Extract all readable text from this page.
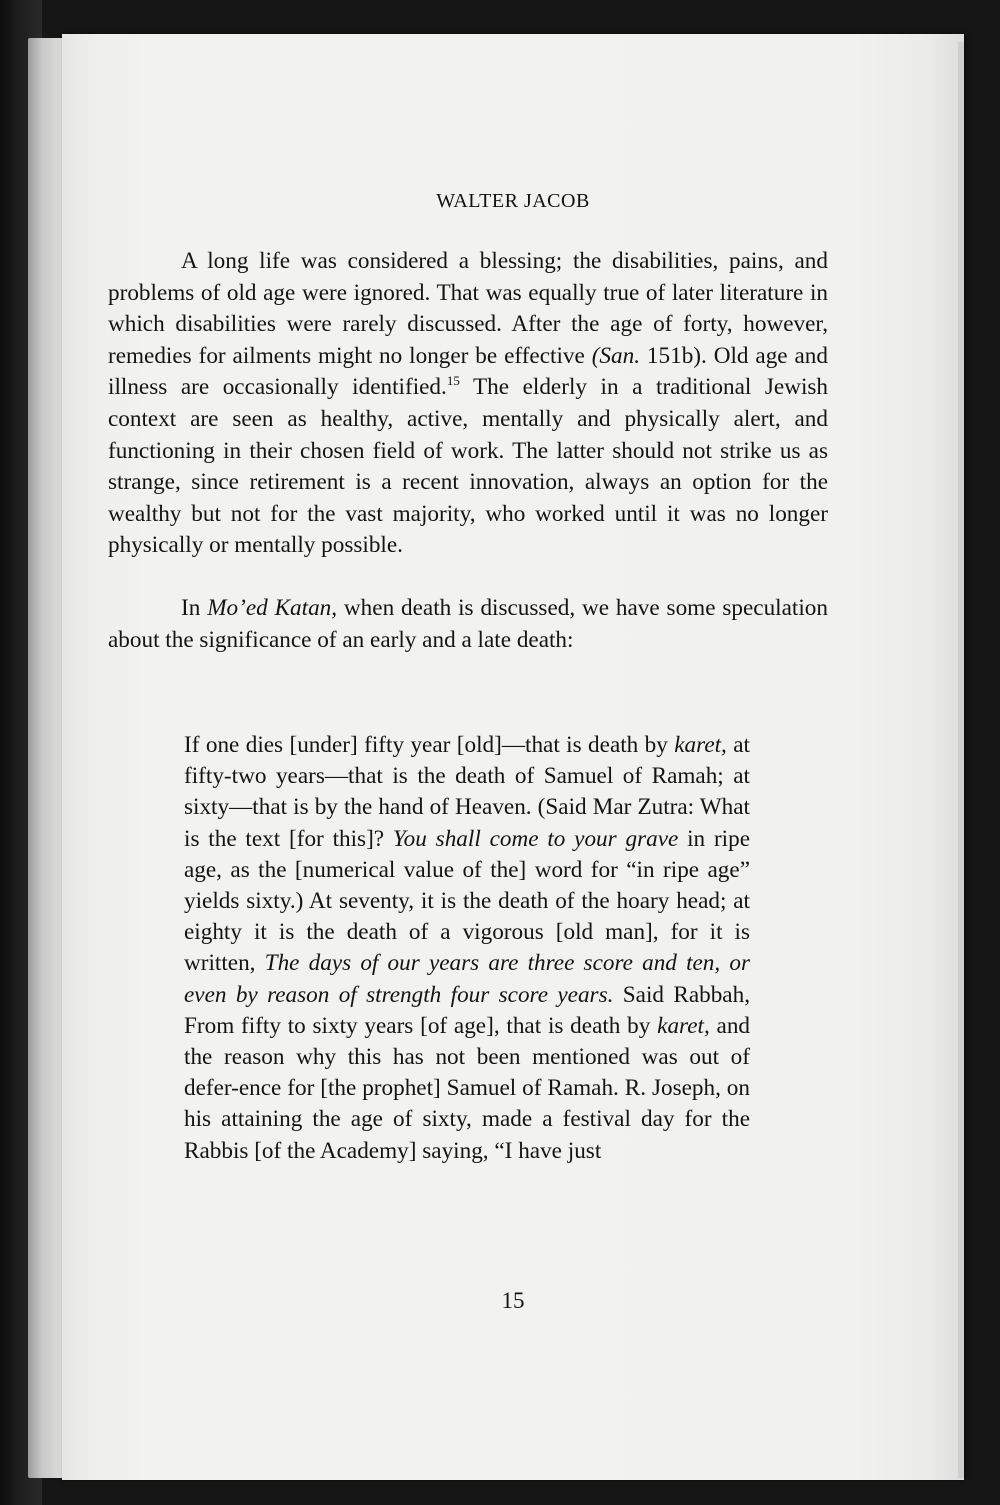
WALTER JACOB

A long life was considered a blessing; the disabilities, pains, and problems of old age were ignored. That was equally true of later literature in which disabilities were rarely discussed. After the age of forty, however, remedies for ailments might no longer be effective (San. 151b). Old age and illness are occasionally identified.$^{15}$ The elderly in a traditional Jewish context are seen as healthy, active, mentally and physically alert, and functioning in their chosen field of work. The latter should not strike us as strange, since retirement is a recent innovation, always an option for the wealthy but not for the vast majority, who worked until it was no longer physically or mentally possible.

In Mo’ed Katan, when death is discussed, we have some speculation about the significance of an early and a late death:

If one dies [under] fifty year [old]—that is death by karet, at fifty-two years—that is the death of Samuel of Ramah; at sixty—that is by the hand of Heaven. (Said Mar Zutra: What is the text [for this]? You shall come to your grave in ripe age, as the [numerical value of the] word for “in ripe age” yields sixty.) At seventy, it is the death of the hoary head; at eighty it is the death of a vigorous [old man], for it is written, The days of our years are three score and ten, or even by reason of strength four score years. Said Rabbah, From fifty to sixty years [of age], that is death by karet, and the reason why this has not been mentioned was out of defer-ence for [the prophet] Samuel of Ramah. R. Joseph, on his attaining the age of sixty, made a festival day for the Rabbis [of the Academy] saying, “I have just
15
